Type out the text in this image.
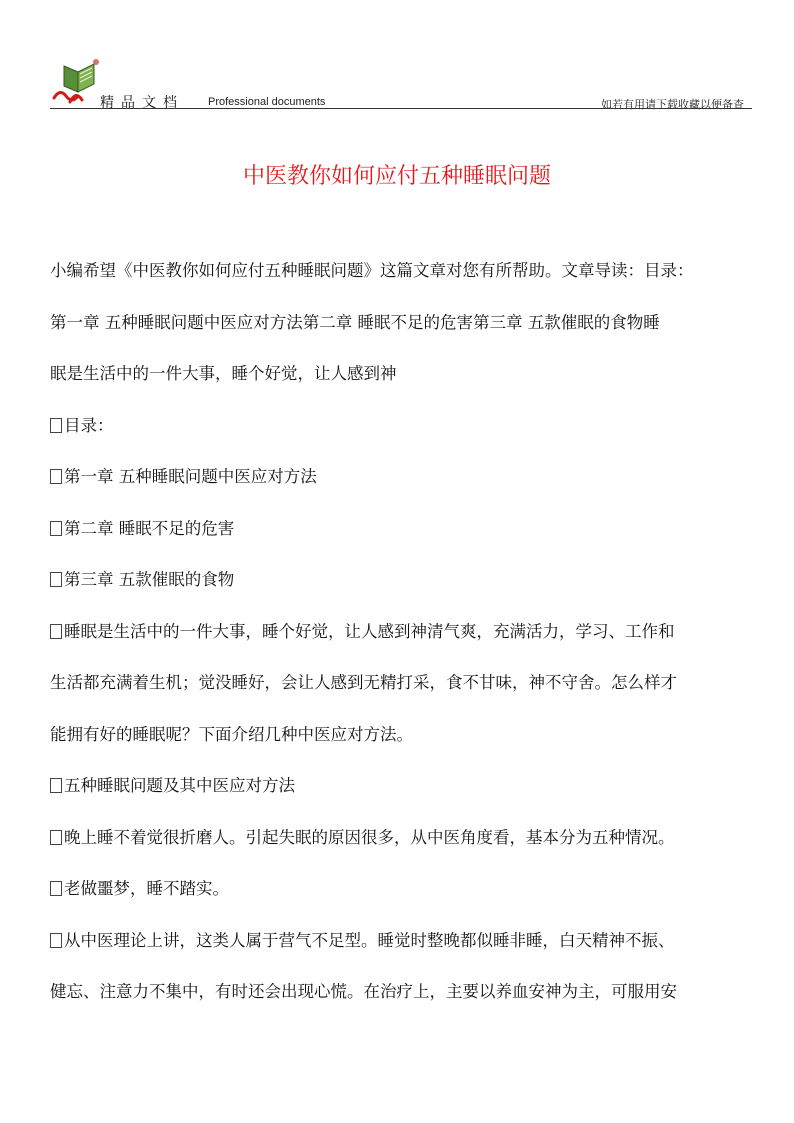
精品文档 Professional documents	如若有用请下载收藏以便备查
中医教你如何应付五种睡眠问题

小编希望《中医教你如何应付五种睡眠问题》这篇文章对您有所帮助。文章导读：目录：

第一章 五种睡眠问题中医应对方法第二章 睡眠不足的危害第三章 五款催眠的食物睡

眠是生活中的一件大事，睡个好觉，让人感到神

目录：

第一章 五种睡眠问题中医应对方法

第二章 睡眠不足的危害

第三章 五款催眠的食物

睡眠是生活中的一件大事，睡个好觉，让人感到神清气爽，充满活力，学习、工作和

生活都充满着生机；觉没睡好，会让人感到无精打采，食不甘味，神不守舍。怎么样才

能拥有好的睡眠呢？下面介绍几种中医应对方法。

五种睡眠问题及其中医应对方法

晚上睡不着觉很折磨人。引起失眠的原因很多，从中医角度看，基本分为五种情况。

老做噩梦，睡不踏实。

从中医理论上讲，这类人属于营气不足型。睡觉时整晚都似睡非睡，白天精神不振、

健忘、注意力不集中，有时还会出现心慌。在治疗上，主要以养血安神为主，可服用安
